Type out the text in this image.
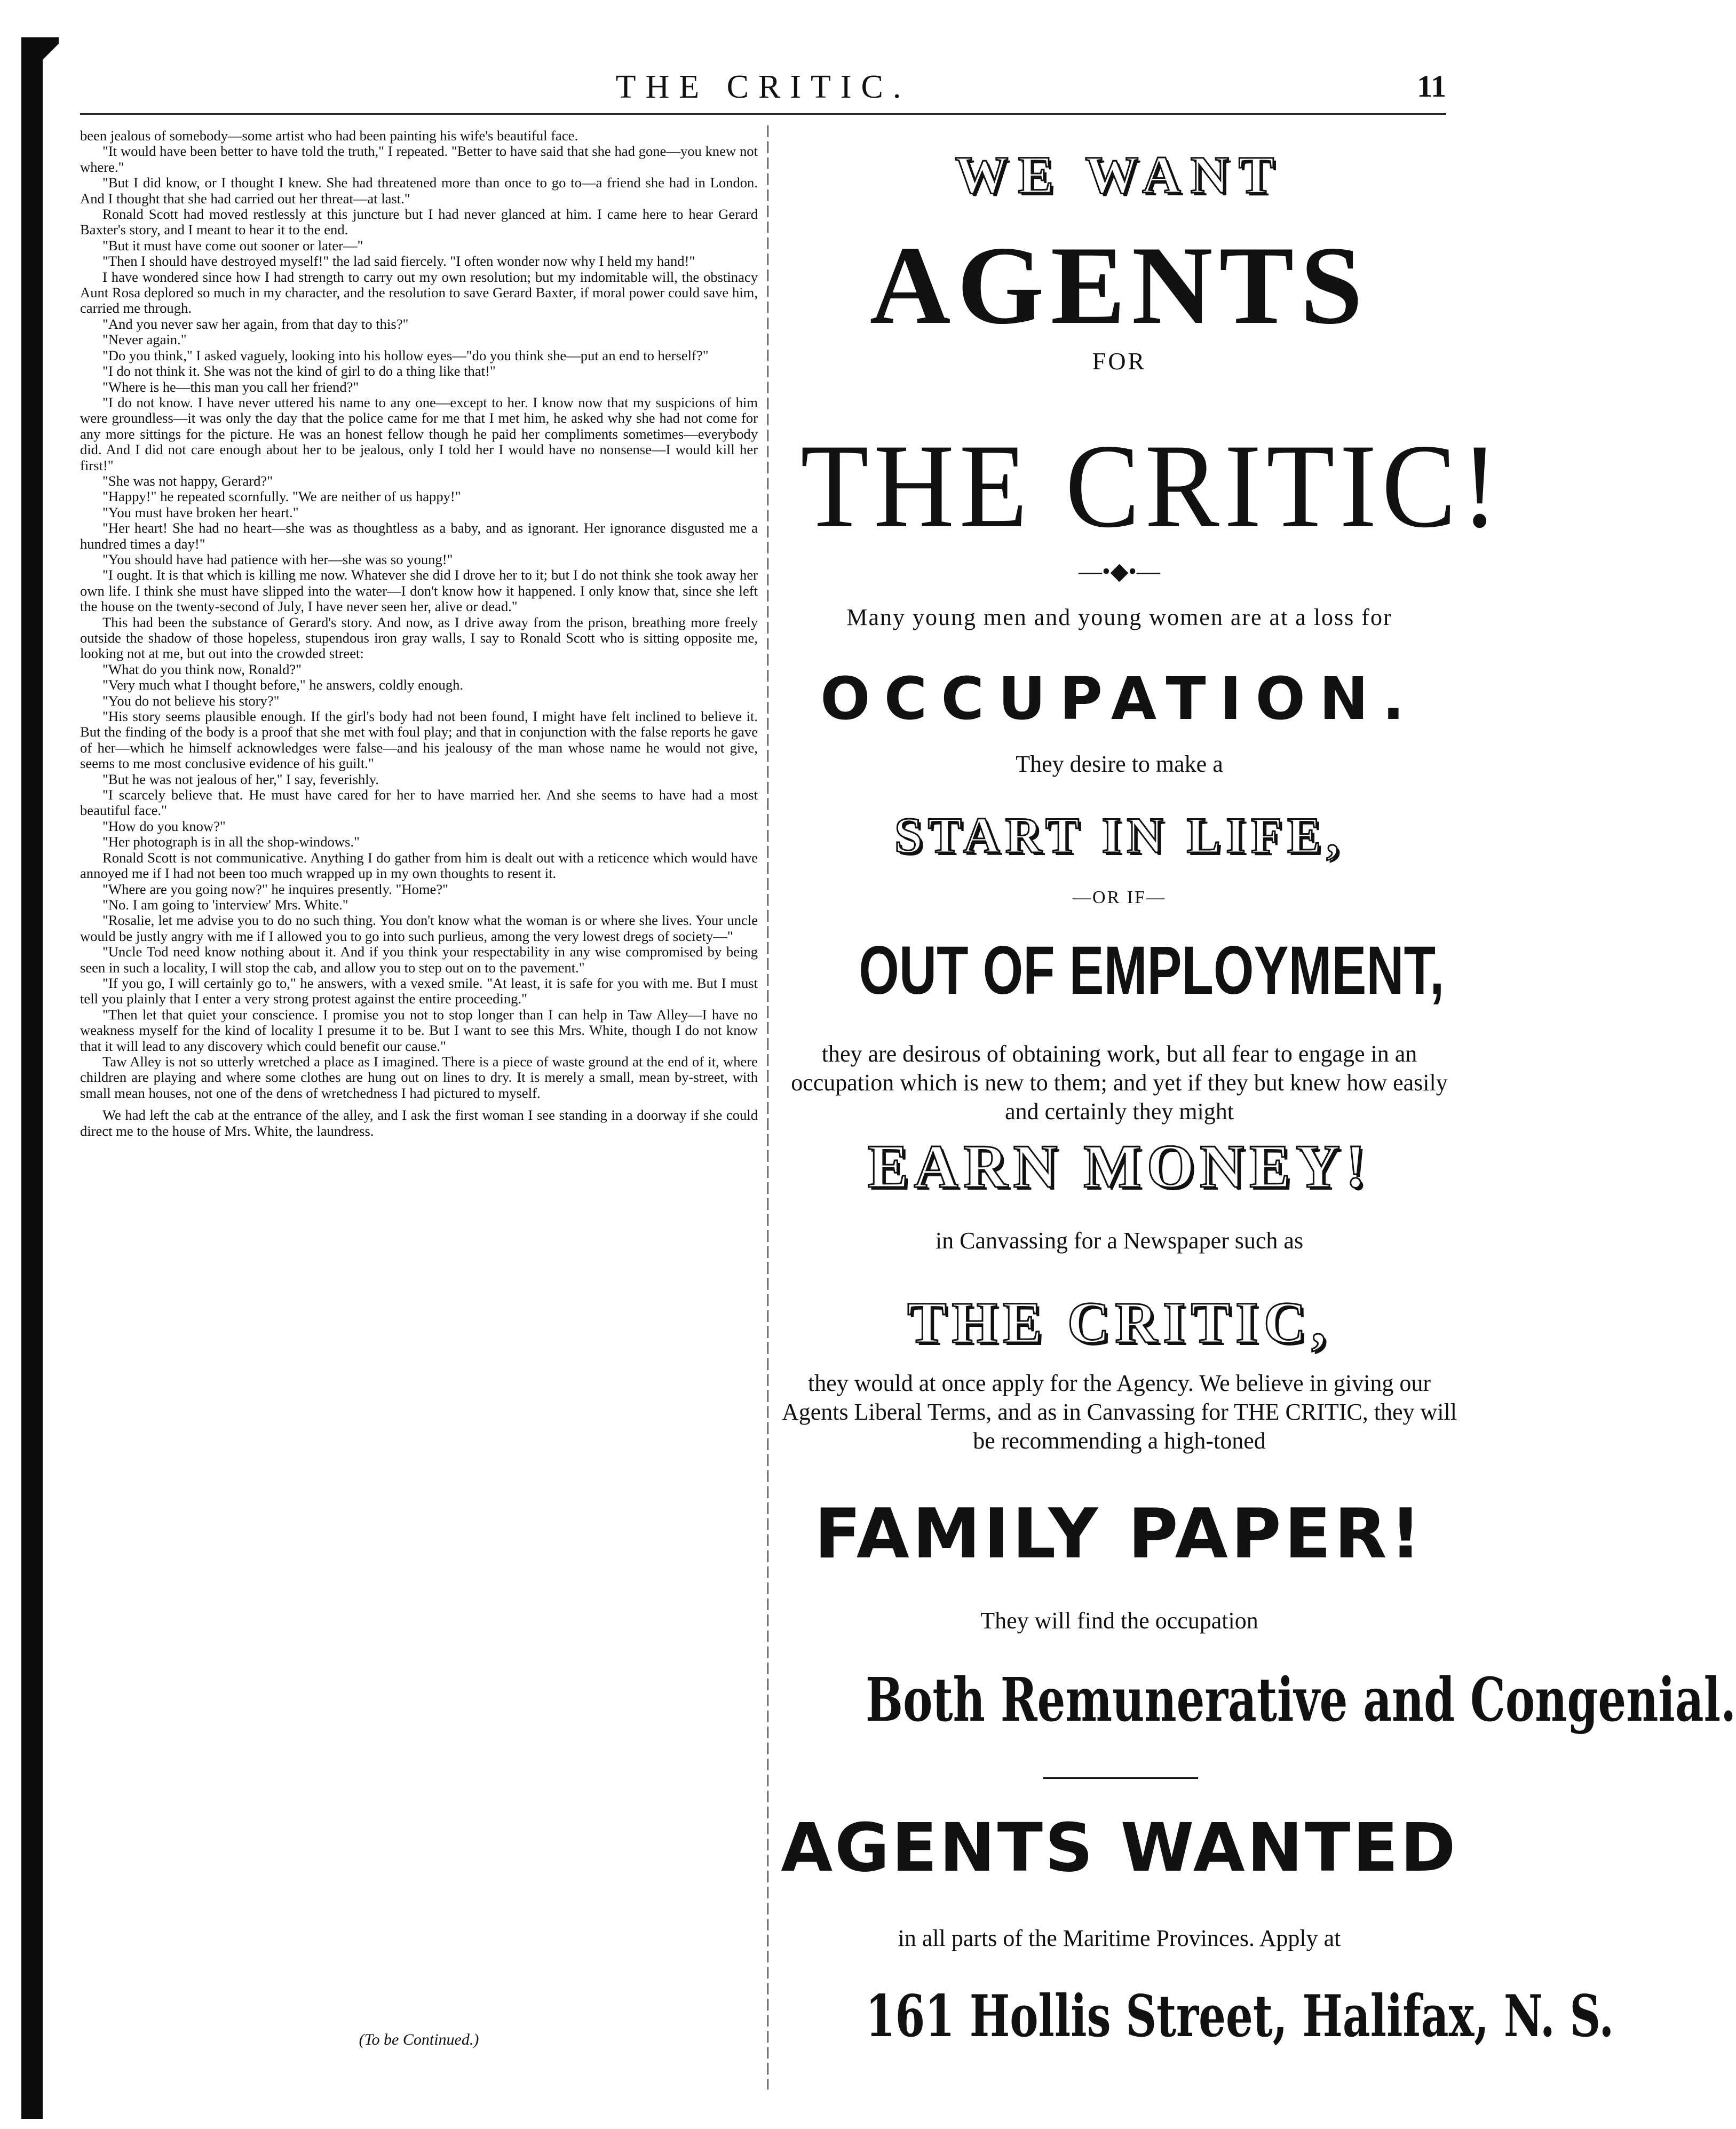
THE CRITIC.	11

been jealous of somebody—some artist who had been painting his wife's beautiful face.

"It would have been better to have told the truth," I repeated. "Better to have said that she had gone—you knew not where."

"But I did know, or I thought I knew. She had threatened more than once to go to—a friend she had in London. And I thought that she had carried out her threat—at last."

Ronald Scott had moved restlessly at this juncture but I had never glanced at him. I came here to hear Gerard Baxter's story, and I meant to hear it to the end.

"But it must have come out sooner or later—"

"Then I should have destroyed myself!" the lad said fiercely. "I often wonder now why I held my hand!"

I have wondered since how I had strength to carry out my own resolution; but my indomitable will, the obstinacy Aunt Rosa deplored so much in my character, and the resolution to save Gerard Baxter, if moral power could save him, carried me through.

"And you never saw her again, from that day to this?"

"Never again."

"Do you think," I asked vaguely, looking into his hollow eyes—"do you think she—put an end to herself?"

"I do not think it. She was not the kind of girl to do a thing like that!"

"Where is he—this man you call her friend?"

"I do not know. I have never uttered his name to any one—except to her. I know now that my suspicions of him were groundless—it was only the day that the police came for me that I met him, he asked why she had not come for any more sittings for the picture. He was an honest fellow though he paid her compliments sometimes—everybody did. And I did not care enough about her to be jealous, only I told her I would have no nonsense—I would kill her first!"

"She was not happy, Gerard?"

"Happy!" he repeated scornfully. "We are neither of us happy!"

"You must have broken her heart."

"Her heart! She had no heart—she was as thoughtless as a baby, and as ignorant. Her ignorance disgusted me a hundred times a day!"

"You should have had patience with her—she was so young!"

"I ought. It is that which is killing me now. Whatever she did I drove her to it; but I do not think she took away her own life. I think she must have slipped into the water—I don't know how it happened. I only know that, since she left the house on the twenty-second of July, I have never seen her, alive or dead."

This had been the substance of Gerard's story. And now, as I drive away from the prison, breathing more freely outside the shadow of those hopeless, stupendous iron gray walls, I say to Ronald Scott who is sitting opposite me, looking not at me, but out into the crowded street:

"What do you think now, Ronald?"

"Very much what I thought before," he answers, coldly enough.

"You do not believe his story?"

"His story seems plausible enough. If the girl's body had not been found, I might have felt inclined to believe it. But the finding of the body is a proof that she met with foul play; and that in conjunction with the false reports he gave of her—which he himself acknowledges were false—and his jealousy of the man whose name he would not give, seems to me most conclusive evidence of his guilt."

"But he was not jealous of her," I say, feverishly.

"I scarcely believe that. He must have cared for her to have married her. And she seems to have had a most beautiful face."

"How do you know?"

"Her photograph is in all the shop-windows."

Ronald Scott is not communicative. Anything I do gather from him is dealt out with a reticence which would have annoyed me if I had not been too much wrapped up in my own thoughts to resent it.

"Where are you going now?" he inquires presently. "Home?"

"No. I am going to 'interview' Mrs. White."

"Rosalie, let me advise you to do no such thing. You don't know what the woman is or where she lives. Your uncle would be justly angry with me if I allowed you to go into such purlieus, among the very lowest dregs of society—"

"Uncle Tod need know nothing about it. And if you think your respectability in any wise compromised by being seen in such a locality, I will stop the cab, and allow you to step out on to the pavement."

"If you go, I will certainly go to," he answers, with a vexed smile. "At least, it is safe for you with me. But I must tell you plainly that I enter a very strong protest against the entire proceeding."

"Then let that quiet your conscience. I promise you not to stop longer than I can help in Taw Alley—I have no weakness myself for the kind of locality I presume it to be. But I want to see this Mrs. White, though I do not know that it will lead to any discovery which could benefit our cause."

Taw Alley is not so utterly wretched a place as I imagined. There is a piece of waste ground at the end of it, where children are playing and where some clothes are hung out on lines to dry. It is merely a small, mean by-street, with small mean houses, not one of the dens of wretchedness I had pictured to myself.

We had left the cab at the entrance of the alley, and I ask the first woman I see standing in a doorway if she could direct me to the house of Mrs. White, the laundress.

(To be Continued.)
WE WANT
AGENTS
FOR
THE CRITIC!
—•◆•—
Many young men and young women are at a loss for
OCCUPATION.
They desire to make a
START IN LIFE,
—OR IF—
OUT OF EMPLOYMENT,
they are desirous of obtaining work, but all fear to engage in an occupation which is new to them; and yet if they but knew how easily and certainly they might
EARN MONEY!
in Canvassing for a Newspaper such as
THE CRITIC,
they would at once apply for the Agency. We believe in giving our Agents Liberal Terms, and as in Canvassing for THE CRITIC, they will be recommending a high-toned
FAMILY PAPER!
They will find the occupation
Both Remunerative and Congenial.
AGENTS WANTED
in all parts of the Maritime Provinces. Apply at
161 Hollis Street, Halifax, N. S.
